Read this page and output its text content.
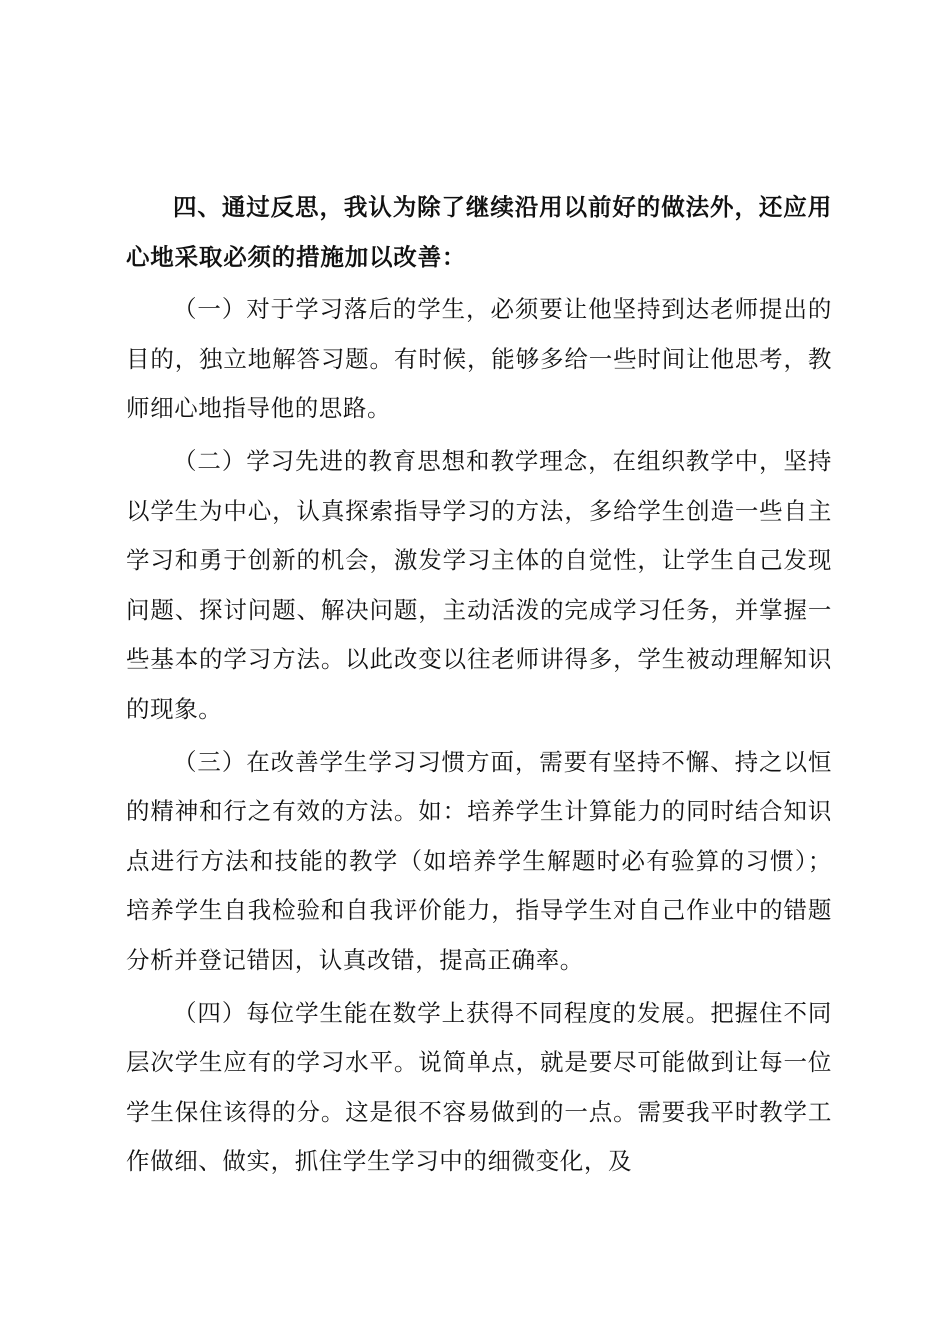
四、通过反思，我认为除了继续沿用以前好的做法外，还应用心地采取必须的措施加以改善：

（一）对于学习落后的学生，必须要让他坚持到达老师提出的目的，独立地解答习题。有时候，能够多给一些时间让他思考，教师细心地指导他的思路。

（二）学习先进的教育思想和教学理念，在组织教学中，坚持以学生为中心，认真探索指导学习的方法，多给学生创造一些自主学习和勇于创新的机会，激发学习主体的自觉性，让学生自己发现问题、探讨问题、解决问题，主动活泼的完成学习任务，并掌握一些基本的学习方法。以此改变以往老师讲得多，学生被动理解知识的现象。

（三）在改善学生学习习惯方面，需要有坚持不懈、持之以恒的精神和行之有效的方法。如：培养学生计算能力的同时结合知识点进行方法和技能的教学（如培养学生解题时必有验算的习惯）；培养学生自我检验和自我评价能力，指导学生对自己作业中的错题分析并登记错因，认真改错，提高正确率。

（四）每位学生能在数学上获得不同程度的发展。把握住不同层次学生应有的学习水平。说简单点，就是要尽可能做到让每一位学生保住该得的分。这是很不容易做到的一点。需要我平时教学工作做细、做实，抓住学生学习中的细微变化，及
